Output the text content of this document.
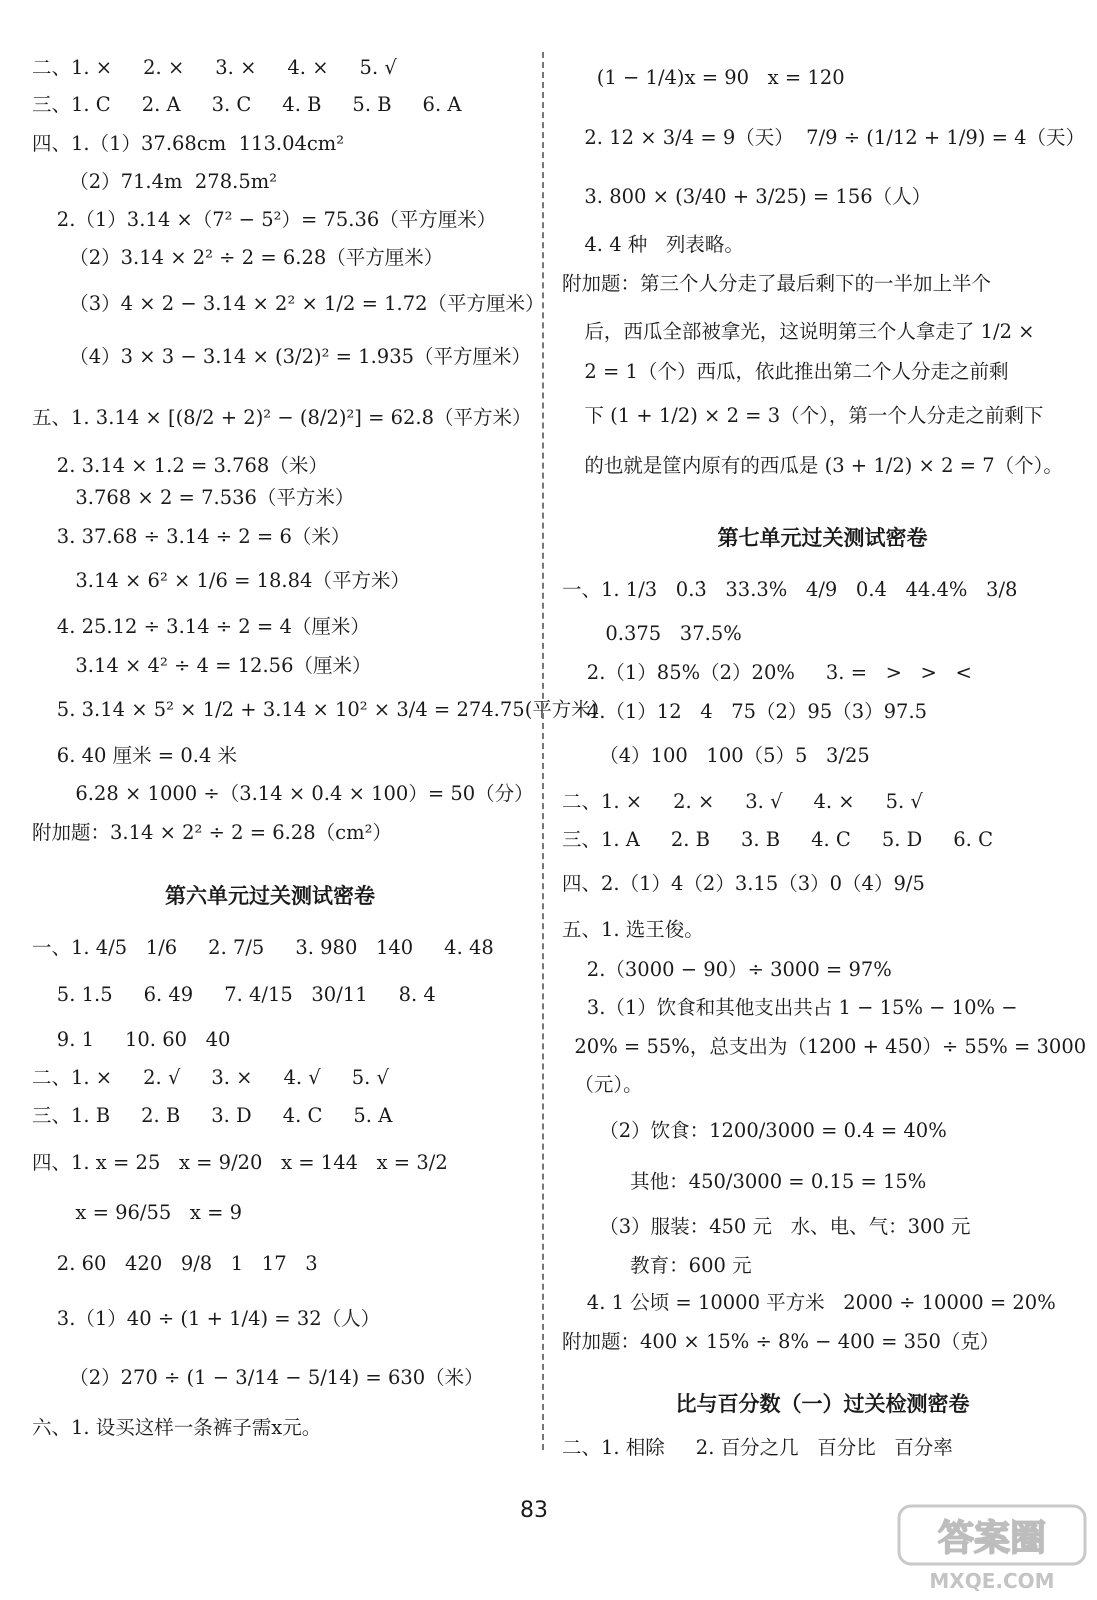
二、1. ×     2. ×     3. ×     4. ×     5. √
三、1. C     2. A     3. C     4. B     5. B     6. A
四、1.（1）37.68cm  113.04cm²
（2）71.4m  278.5m²
2.（1）3.14 ×（7² − 5²）= 75.36（平方厘米）
（2）3.14 × 2² ÷ 2 = 6.28（平方厘米）
（3）4 × 2 − 3.14 × 2² × 1/2 = 1.72（平方厘米）
（4）3 × 3 − 3.14 × (3/2)² = 1.935（平方厘米）
五、1. 3.14 × [(8/2 + 2)² − (8/2)²] = 62.8（平方米）
2. 3.14 × 1.2 = 3.768（米）
3.768 × 2 = 7.536（平方米）
3. 37.68 ÷ 3.14 ÷ 2 = 6（米）
3.14 × 6² × 1/6 = 18.84（平方米）
4. 25.12 ÷ 3.14 ÷ 2 = 4（厘米）
3.14 × 4² ÷ 4 = 12.56（厘米）
5. 3.14 × 5² × 1/2 + 3.14 × 10² × 3/4 = 274.75(平方米）
6. 40 厘米 = 0.4 米
6.28 × 1000 ÷（3.14 × 0.4 × 100）= 50（分）
附加题：3.14 × 2² ÷ 2 = 6.28（cm²）
第六单元过关测试密卷
一、1. 4/5   1/6     2. 7/5     3. 980   140     4. 48
5. 1.5     6. 49     7. 4/15   30/11     8. 4
9. 1     10. 60   40
二、1. ×     2. √     3. ×     4. √     5. √
三、1. B     2. B     3. D     4. C     5. A
四、1. x = 25   x = 9/20   x = 144   x = 3/2
x = 96/55   x = 9
2. 60   420   9/8   1   17   3
3.（1）40 ÷ (1 + 1/4) = 32（人）
（2）270 ÷ (1 − 3/14 − 5/14) = 630（米）
六、1. 设买这样一条裤子需x元。
(1 − 1/4)x = 90   x = 120
2. 12 × 3/4 = 9（天）  7/9 ÷ (1/12 + 1/9) = 4（天）
3. 800 × (3/40 + 3/25) = 156（人）
4. 4 种   列表略。
附加题：第三个人分走了最后剩下的一半加上半个
后，西瓜全部被拿光，这说明第三个人拿走了 1/2 ×
2 = 1（个）西瓜，依此推出第二个人分走之前剩
下 (1 + 1/2) × 2 = 3（个），第一个人分走之前剩下
的也就是筐内原有的西瓜是 (3 + 1/2) × 2 = 7（个）。
第七单元过关测试密卷
一、1. 1/3   0.3̇   33.3%   4/9   0.4̇   44.4%   3/8
0.375   37.5%
2.（1）85%（2）20%     3. =   >   >   <
4.（1）12   4   75（2）95（3）97.5
（4）100   100（5）5   3/25
二、1. ×     2. ×     3. √     4. ×     5. √
三、1. A     2. B     3. B     4. C     5. D     6. C
四、2.（1）4（2）3.15（3）0（4）9/5
五、1. 选王俊。
2.（3000 − 90）÷ 3000 = 97%
3.（1）饮食和其他支出共占 1 − 15% − 10% −
20% = 55%，总支出为（1200 + 450）÷ 55% = 3000
（元）。
（2）饮食：1200/3000 = 0.4 = 40%
其他：450/3000 = 0.15 = 15%
（3）服装：450 元   水、电、气：300 元
教育：600 元
4. 1 公顷 = 10000 平方米   2000 ÷ 10000 = 20%
附加题：400 × 15% ÷ 8% − 400 = 350（克）
比与百分数（一）过关检测密卷
二、1. 相除     2. 百分之几   百分比   百分率
83
答案圈
MXQE.COM
